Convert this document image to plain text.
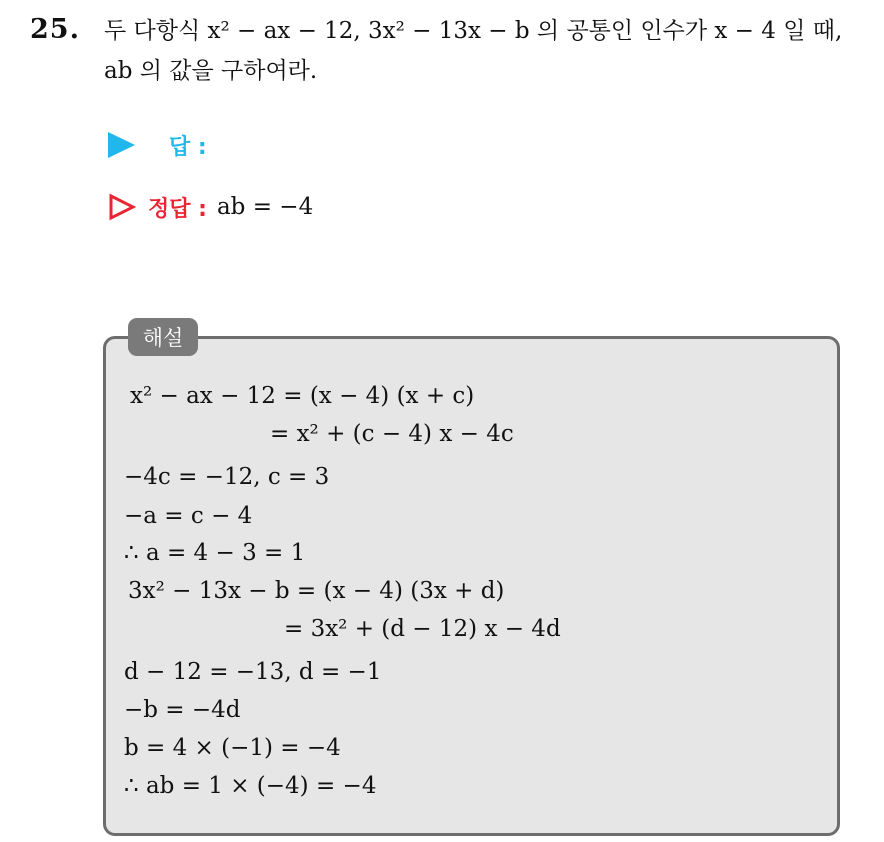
25. 두 다항식 x² − ax − 12, 3x² − 13x − b 의 공통인 인수가 x − 4 일 때,
ab 의 값을 구하여라.
답 :
정답 : ab = −4
해설
x² − ax − 12 = (x − 4) (x + c)
= x² + (c − 4) x − 4c
−4c = −12, c = 3
−a = c − 4
∴ a = 4 − 3 = 1
3x² − 13x − b = (x − 4) (3x + d)
= 3x² + (d − 12) x − 4d
d − 12 = −13, d = −1
−b = −4d
b = 4 × (−1) = −4
∴ ab = 1 × (−4) = −4
